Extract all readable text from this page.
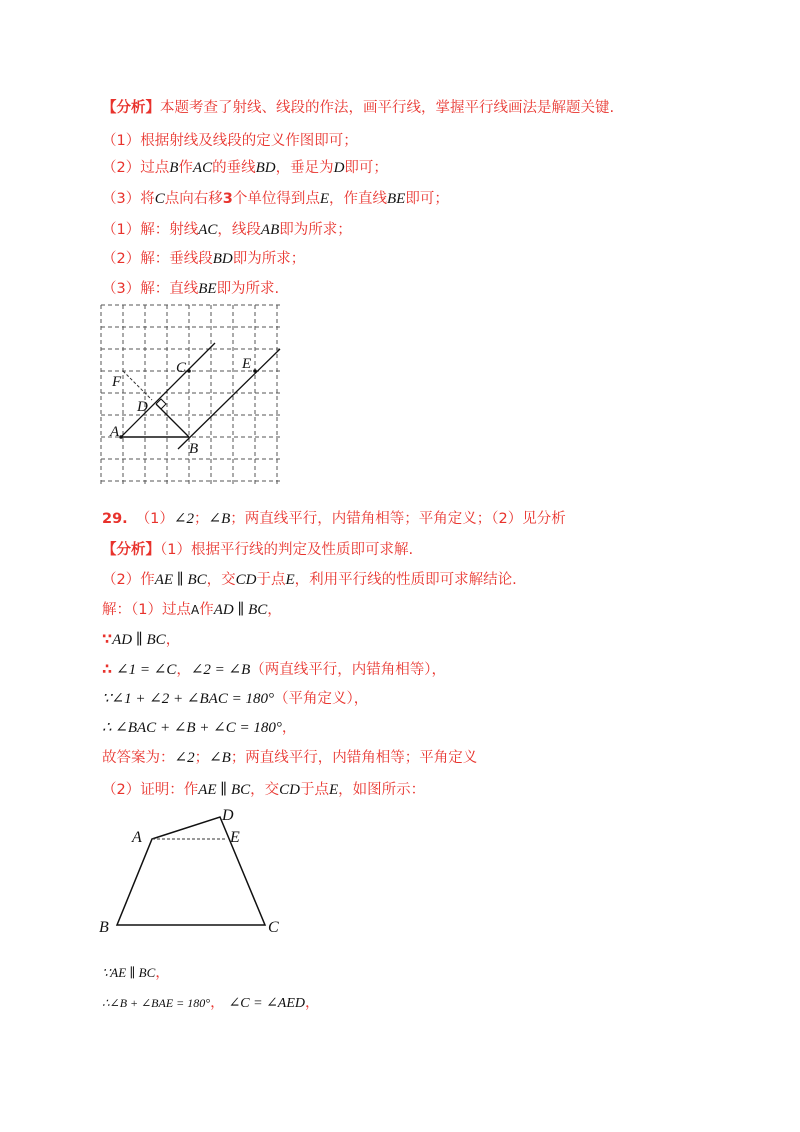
【分析】本题考查了射线、线段的作法，画平行线，掌握平行线画法是解题关键.
（1）根据射线及线段的定义作图即可；
（2）过点B作AC的垂线BD，垂足为D即可；
（3）将C点向右移3个单位得到点E，作直线BE即可；
（1）解：射线AC，线段AB即为所求；
（2）解：垂线段BD即为所求；
（3）解：直线BE即为所求.
C	E
F
D
A
B
29. （1）∠2；∠B；两直线平行，内错角相等；平角定义；（2）见分析
【分析】（1）根据平行线的判定及性质即可求解.
（2）作AE ∥ BC，交CD于点E，利用平行线的性质即可求解结论.
解：（1）过点A作AD ∥ BC，
∵AD ∥ BC，
∴ ∠1 = ∠C，∠2 = ∠B（两直线平行，内错角相等），
∵∠1 + ∠2 + ∠BAC = 180°（平角定义），
∴ ∠BAC + ∠B + ∠C = 180°，
故答案为：∠2；∠B；两直线平行，内错角相等；平角定义
（2）证明：作AE ∥ BC，交CD于点E，如图所示：
A
D
E
B	C
∵AE ∥ BC，
∴∠B + ∠BAE = 180°， ∠C = ∠AED，
